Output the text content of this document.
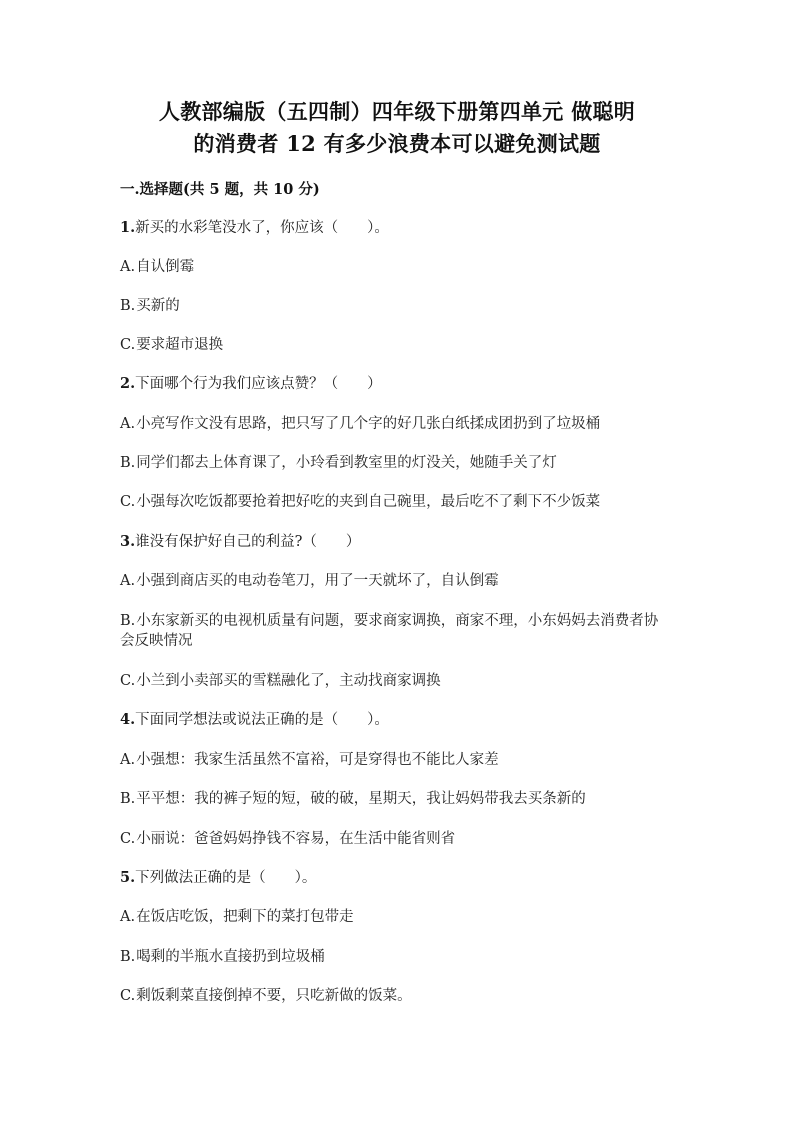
人教部编版（五四制）四年级下册第四单元 做聪明
的消费者 12 有多少浪费本可以避免测试题
一.选择题(共 5 题，共 10 分)
1.新买的水彩笔没水了，你应该（　　）。
A.自认倒霉
B.买新的
C.要求超市退换
2.下面哪个行为我们应该点赞？（　　）
A.小亮写作文没有思路，把只写了几个字的好几张白纸揉成团扔到了垃圾桶
B.同学们都去上体育课了，小玲看到教室里的灯没关，她随手关了灯
C.小强每次吃饭都要抢着把好吃的夹到自己碗里，最后吃不了剩下不少饭菜
3.谁没有保护好自己的利益?（　　）
A.小强到商店买的电动卷笔刀，用了一天就坏了，自认倒霉
B.小东家新买的电视机质量有问题，要求商家调换，商家不理，小东妈妈去消费者协会反映情况
C.小兰到小卖部买的雪糕融化了，主动找商家调换
4.下面同学想法或说法正确的是（　　）。
A.小强想：我家生活虽然不富裕，可是穿得也不能比人家差
B.平平想：我的裤子短的短，破的破，星期天，我让妈妈带我去买条新的
C.小丽说：爸爸妈妈挣钱不容易，在生活中能省则省
5.下列做法正确的是（　　）。
A.在饭店吃饭，把剩下的菜打包带走
B.喝剩的半瓶水直接扔到垃圾桶
C.剩饭剩菜直接倒掉不要，只吃新做的饭菜。
